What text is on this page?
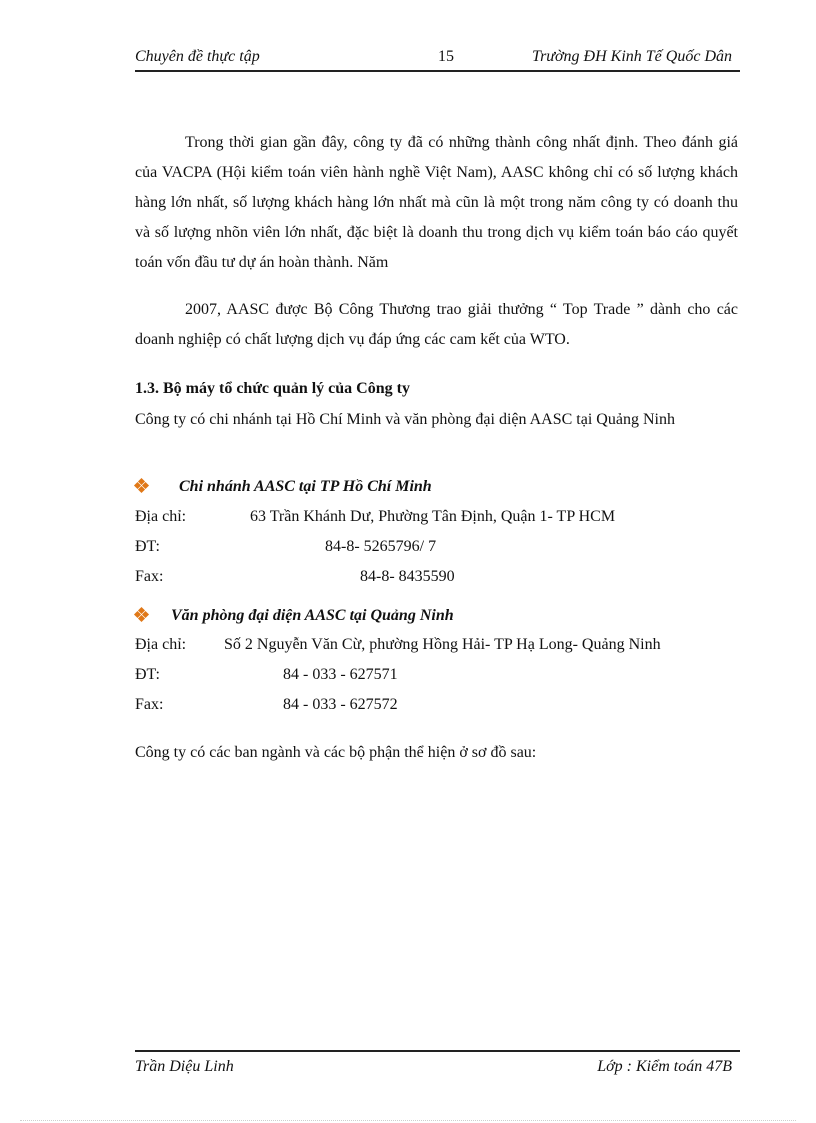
Chuyên đề thực tập	15	Trường ĐH Kinh Tế Quốc Dân

Trong thời gian gần đây, công ty đã có những thành công nhất định. Theo đánh giá của VACPA (Hội kiểm toán viên hành nghề Việt Nam), AASC không chỉ có số lượng khách hàng lớn nhất, số lượng khách hàng lớn nhất mà cũn là một trong năm công ty có doanh thu và số lượng nhõn viên lớn nhất, đặc biệt là doanh thu trong dịch vụ kiểm toán báo cáo quyết toán vốn đầu tư dự án hoàn thành. Năm

2007, AASC được Bộ Công Thương trao giải thưởng “ Top Trade ” dành cho các doanh nghiệp có chất lượng dịch vụ đáp ứng các cam kết của WTO.

1.3. Bộ máy tổ chức quản lý của Công ty

Công ty có chi nhánh tại Hồ Chí Minh và văn phòng đại diện AASC tại Quảng Ninh

Chi nhánh AASC tại TP Hồ Chí Minh

Địa chỉ:	63 Trần Khánh Dư, Phường Tân Định, Quận 1- TP HCM
ĐT:	84-8- 5265796/ 7
Fax:	84-8- 8435590

Văn phòng đại diện AASC tại Quảng Ninh

Địa chỉ: Số 2 Nguyễn Văn Cừ, phường Hồng Hải- TP Hạ Long- Quảng Ninh
ĐT:	84 - 033 - 627571
Fax:	84 - 033 - 627572

Công ty có các ban ngành và các bộ phận thể hiện ở sơ đồ sau:

Trần Diệu Linh	Lớp : Kiểm toán 47B
